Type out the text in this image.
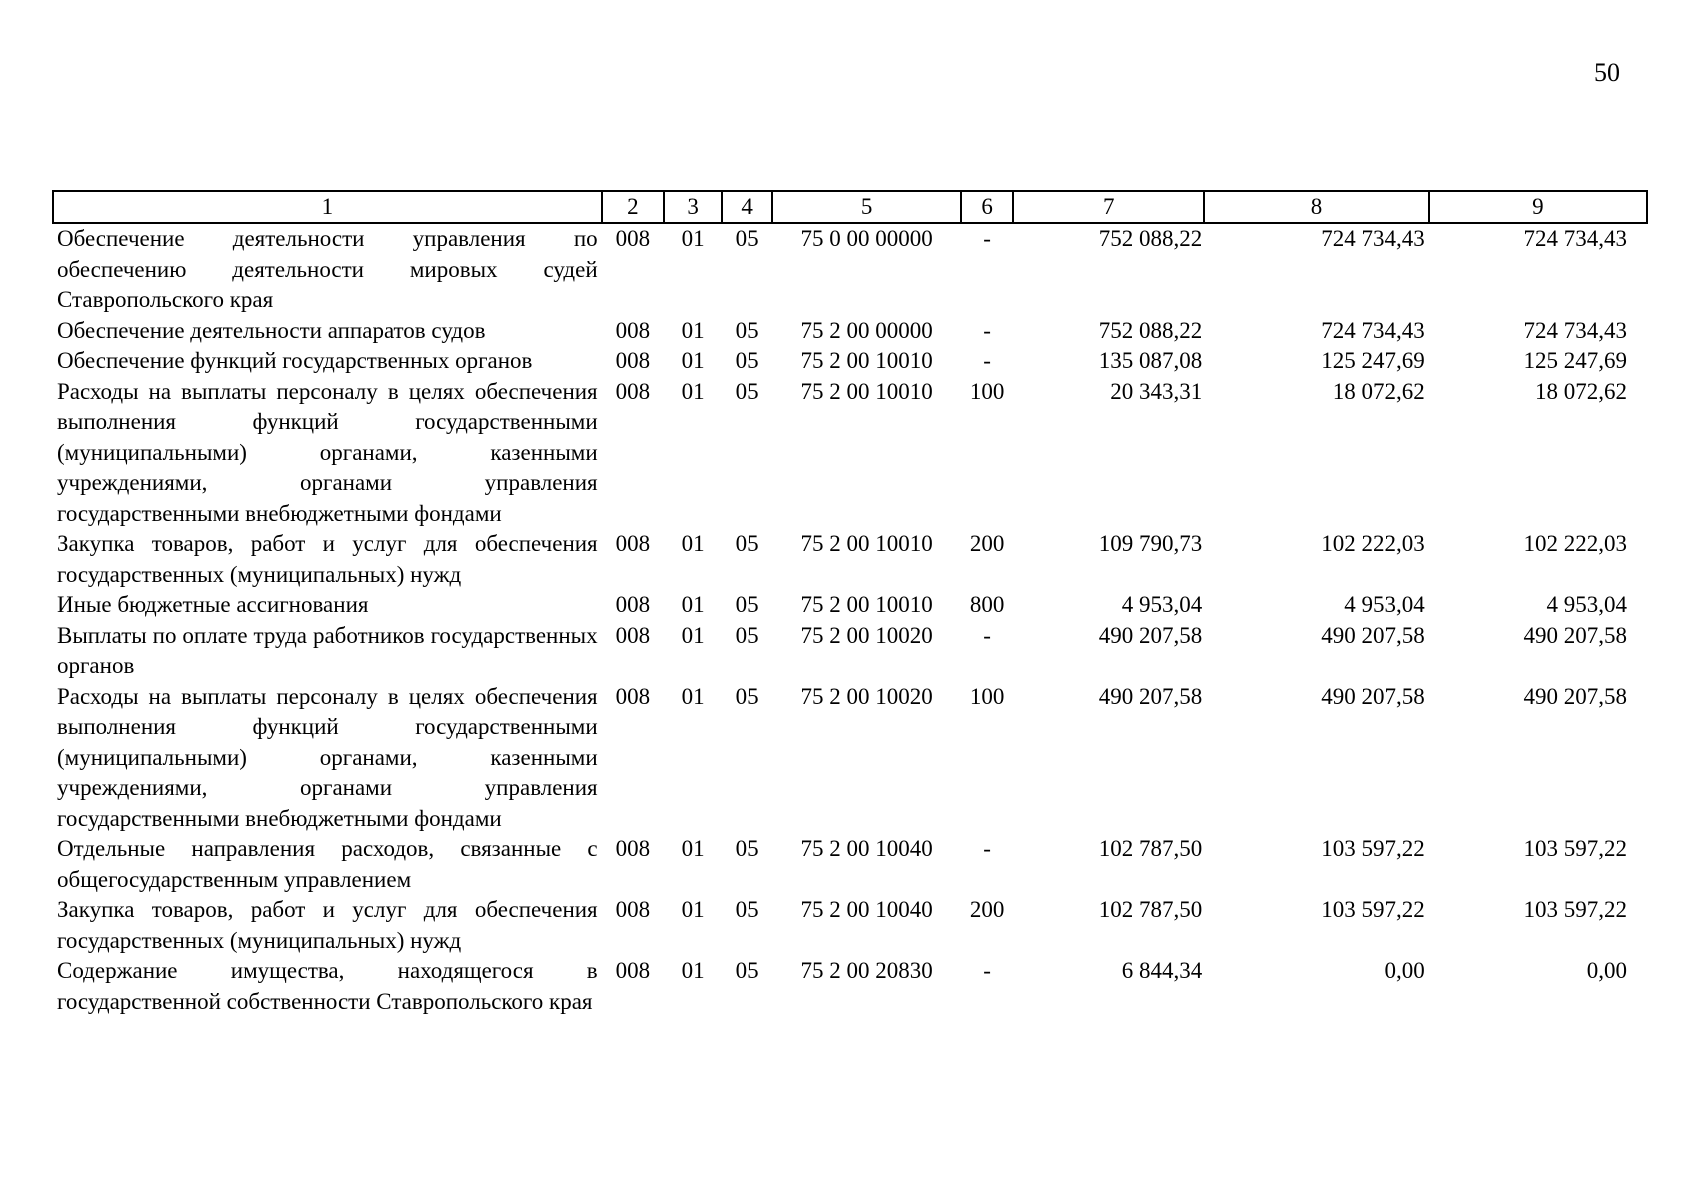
50
1	2	3	4	5	6	7	8	9
Обеспечение деятельности управления по обеспечению деятельности мировых судей Ставропольского края	008	01	05	75 0 00 00000	-	752 088,22	724 734,43	724 734,43
Обеспечение деятельности аппаратов судов	008	01	05	75 2 00 00000	-	752 088,22	724 734,43	724 734,43
Обеспечение функций государственных органов	008	01	05	75 2 00 10010	-	135 087,08	125 247,69	125 247,69
Расходы на выплаты персоналу в целях обеспечения выполнения функций государственными (муниципальными) органами, казенными учреждениями, органами управления государственными внебюджетными фондами	008	01	05	75 2 00 10010	100	20 343,31	18 072,62	18 072,62
Закупка товаров, работ и услуг для обеспечения государственных (муниципальных) нужд	008	01	05	75 2 00 10010	200	109 790,73	102 222,03	102 222,03
Иные бюджетные ассигнования	008	01	05	75 2 00 10010	800	4 953,04	4 953,04	4 953,04
Выплаты по оплате труда работников государственных органов	008	01	05	75 2 00 10020	-	490 207,58	490 207,58	490 207,58
Расходы на выплаты персоналу в целях обеспечения выполнения функций государственными (муниципальными) органами, казенными учреждениями, органами управления государственными внебюджетными фондами	008	01	05	75 2 00 10020	100	490 207,58	490 207,58	490 207,58
Отдельные направления расходов, связанные с общегосударственным управлением	008	01	05	75 2 00 10040	-	102 787,50	103 597,22	103 597,22
Закупка товаров, работ и услуг для обеспечения государственных (муниципальных) нужд	008	01	05	75 2 00 10040	200	102 787,50	103 597,22	103 597,22
Содержание имущества, находящегося в государственной собственности Ставропольского края	008	01	05	75 2 00 20830	-	6 844,34	0,00	0,00
